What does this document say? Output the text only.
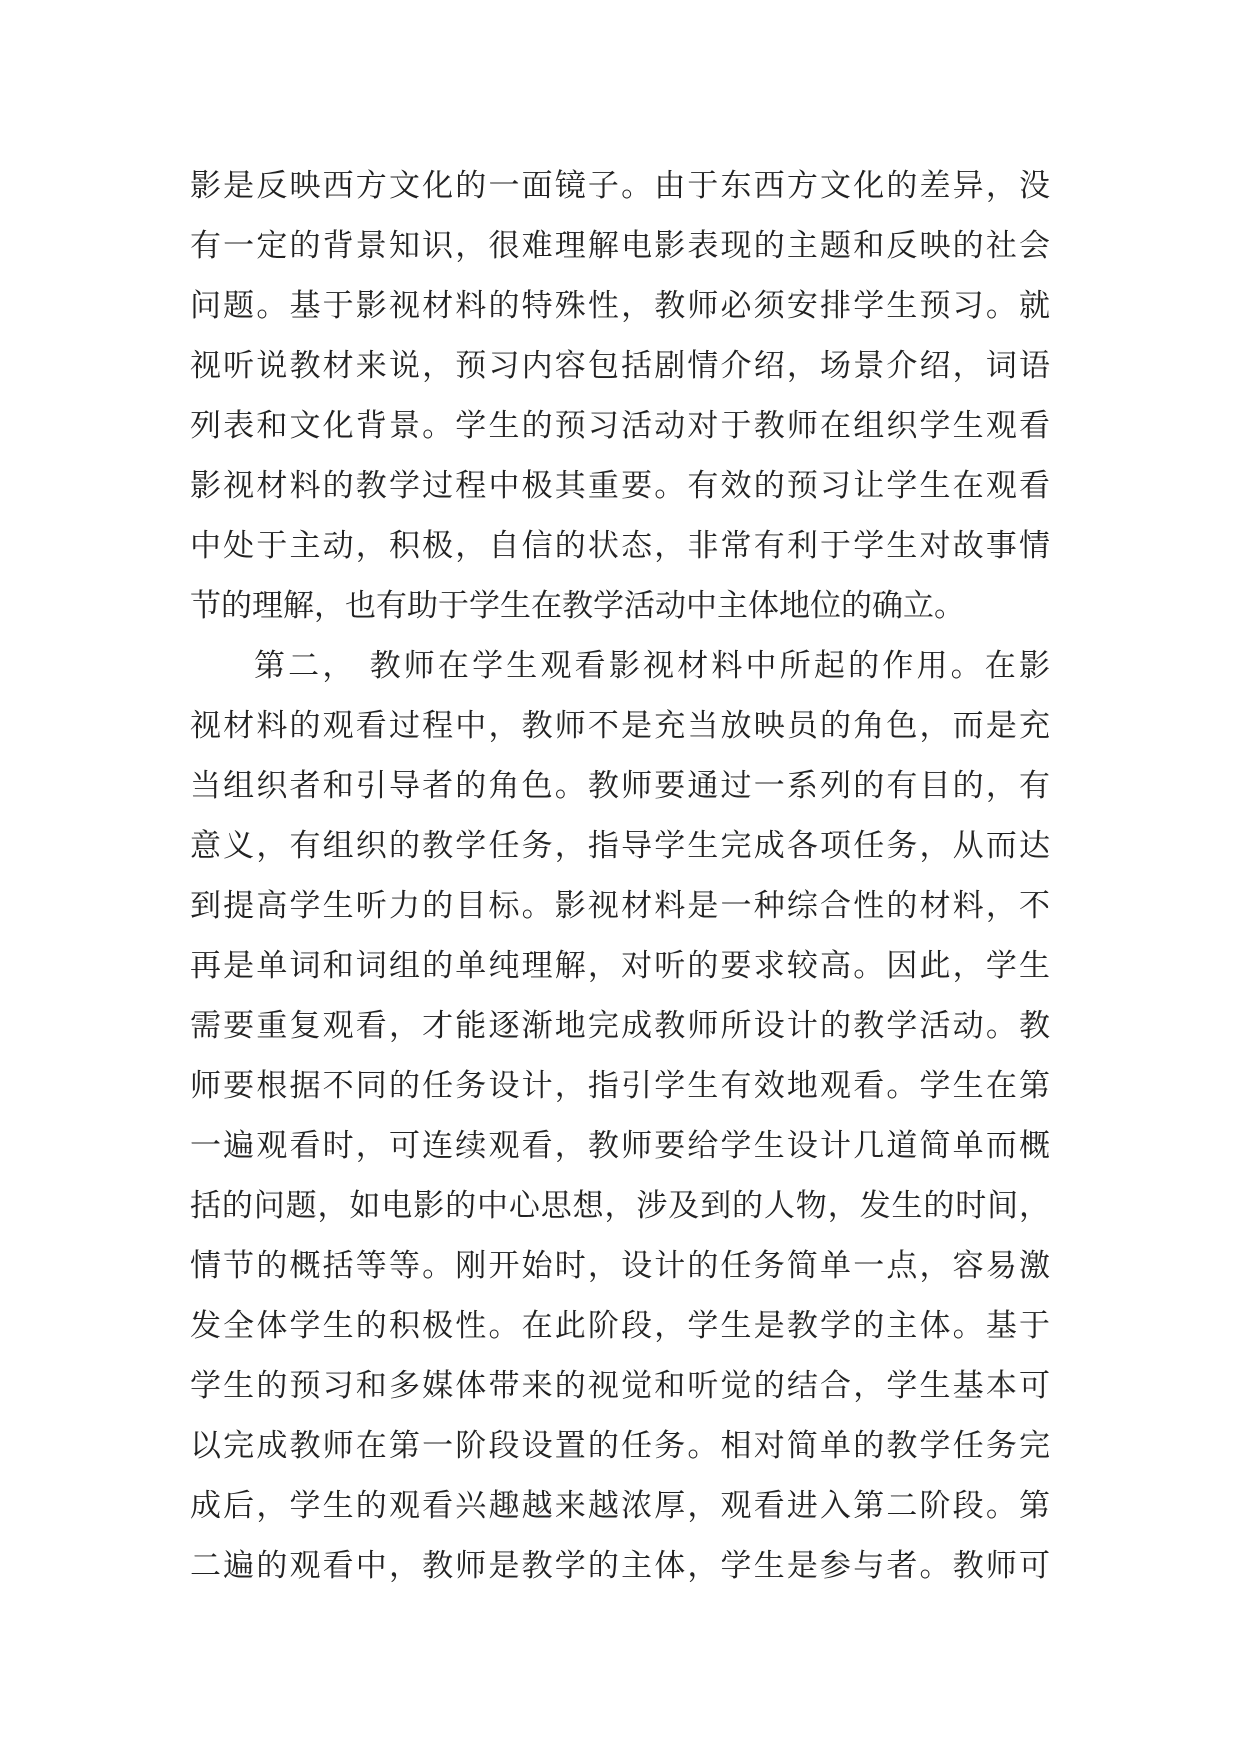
影是反映西方文化的一面镜子。由于东西方文化的差异，没
有一定的背景知识，很难理解电影表现的主题和反映的社会
问题。基于影视材料的特殊性，教师必须安排学生预习。就
视听说教材来说，预习内容包括剧情介绍，场景介绍，词语
列表和文化背景。学生的预习活动对于教师在组织学生观看
影视材料的教学过程中极其重要。有效的预习让学生在观看
中处于主动，积极，自信的状态，非常有利于学生对故事情
节的理解，也有助于学生在教学活动中主体地位的确立。
第二， 教师在学生观看影视材料中所起的作用。在影
视材料的观看过程中，教师不是充当放映员的角色，而是充
当组织者和引导者的角色。教师要通过一系列的有目的，有
意义，有组织的教学任务，指导学生完成各项任务，从而达
到提高学生听力的目标。影视材料是一种综合性的材料，不
再是单词和词组的单纯理解，对听的要求较高。因此，学生
需要重复观看，才能逐渐地完成教师所设计的教学活动。教
师要根据不同的任务设计，指引学生有效地观看。学生在第
一遍观看时，可连续观看，教师要给学生设计几道简单而概
括的问题，如电影的中心思想，涉及到的人物，发生的时间，
情节的概括等等。刚开始时，设计的任务简单一点，容易激
发全体学生的积极性。在此阶段，学生是教学的主体。基于
学生的预习和多媒体带来的视觉和听觉的结合，学生基本可
以完成教师在第一阶段设置的任务。相对简单的教学任务完
成后，学生的观看兴趣越来越浓厚，观看进入第二阶段。第
二遍的观看中，教师是教学的主体，学生是参与者。教师可
